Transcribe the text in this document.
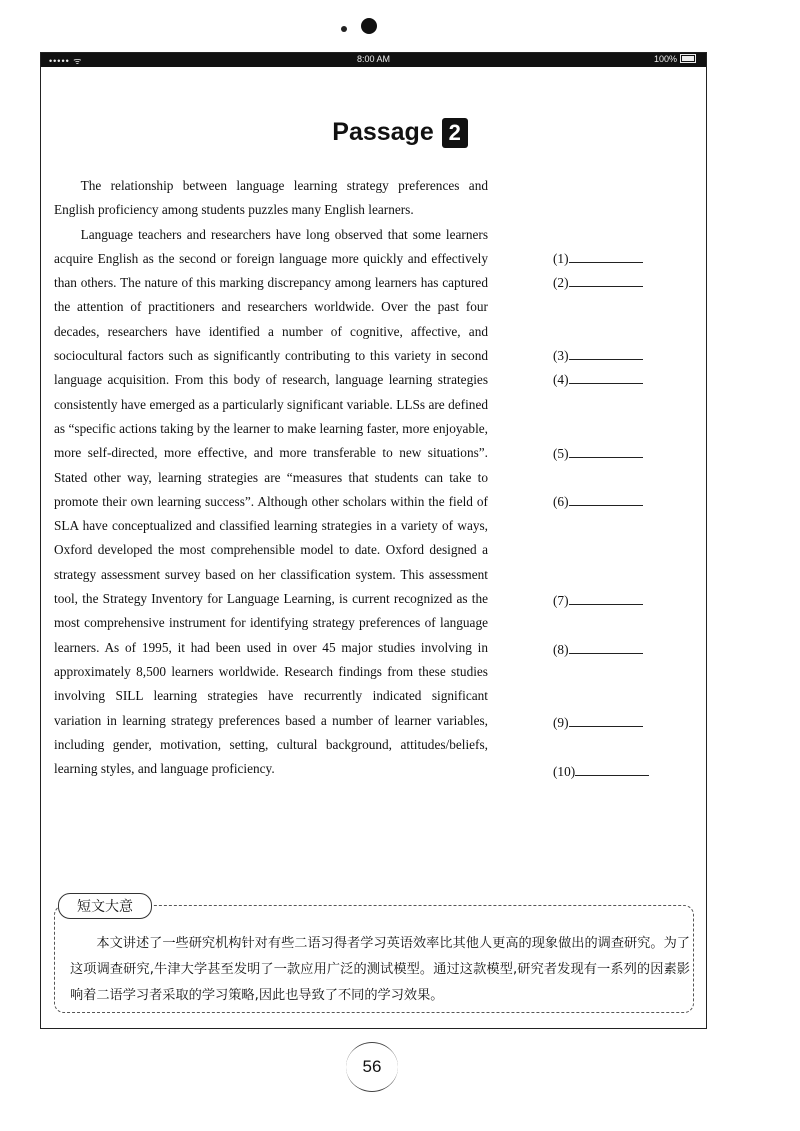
••••• ᯤ	8:00 AM	100%
Passage 2

The relationship between language learning strategy preferences and English proficiency among students puzzles many English learners.

Language teachers and researchers have long observed that some learners acquire English as the second or foreign language more quickly and effectively than others. The nature of this marking discrepancy among learners has captured the attention of practitioners and researchers worldwide. Over the past four decades, researchers have identified a number of cognitive, affective, and sociocultural factors such as significantly contributing to this variety in second language acquisition. From this body of research, language learning strategies consistently have emerged as a particularly significant variable. LLSs are defined as “specific actions taking by the learner to make learning faster, more enjoyable, more self-directed, more effective, and more transferable to new situations”. Stated other way, learning strategies are “measures that students can take to promote their own learning success”. Although other scholars within the field of SLA have conceptualized and classified learning strategies in a variety of ways, Oxford developed the most comprehensible model to date. Oxford designed a strategy assessment survey based on her classification system. This assessment tool, the Strategy Inventory for Language Learning, is current recognized as the most comprehensive instrument for identifying strategy preferences of language learners. As of 1995, it had been used in over 45 major studies involving in approximately 8,500 learners worldwide. Research findings from these studies involving SILL learning strategies have recurrently indicated significant variation in learning strategy preferences based a number of learner variables, including gender, motivation, setting, cultural background, attitudes/beliefs, learning styles, and language proficiency.

(1)
(2)
(3)
(4)
(5)
(6)
(7)
(8)
(9)
(10)
短文大意
本文讲述了一些研究机构针对有些二语习得者学习英语效率比其他人更高的现象做出的调查研究。为了这项调查研究,牛津大学甚至发明了一款应用广泛的测试模型。通过这款模型,研究者发现有一系列的因素影响着二语学习者采取的学习策略,因此也导致了不同的学习效果。
56
